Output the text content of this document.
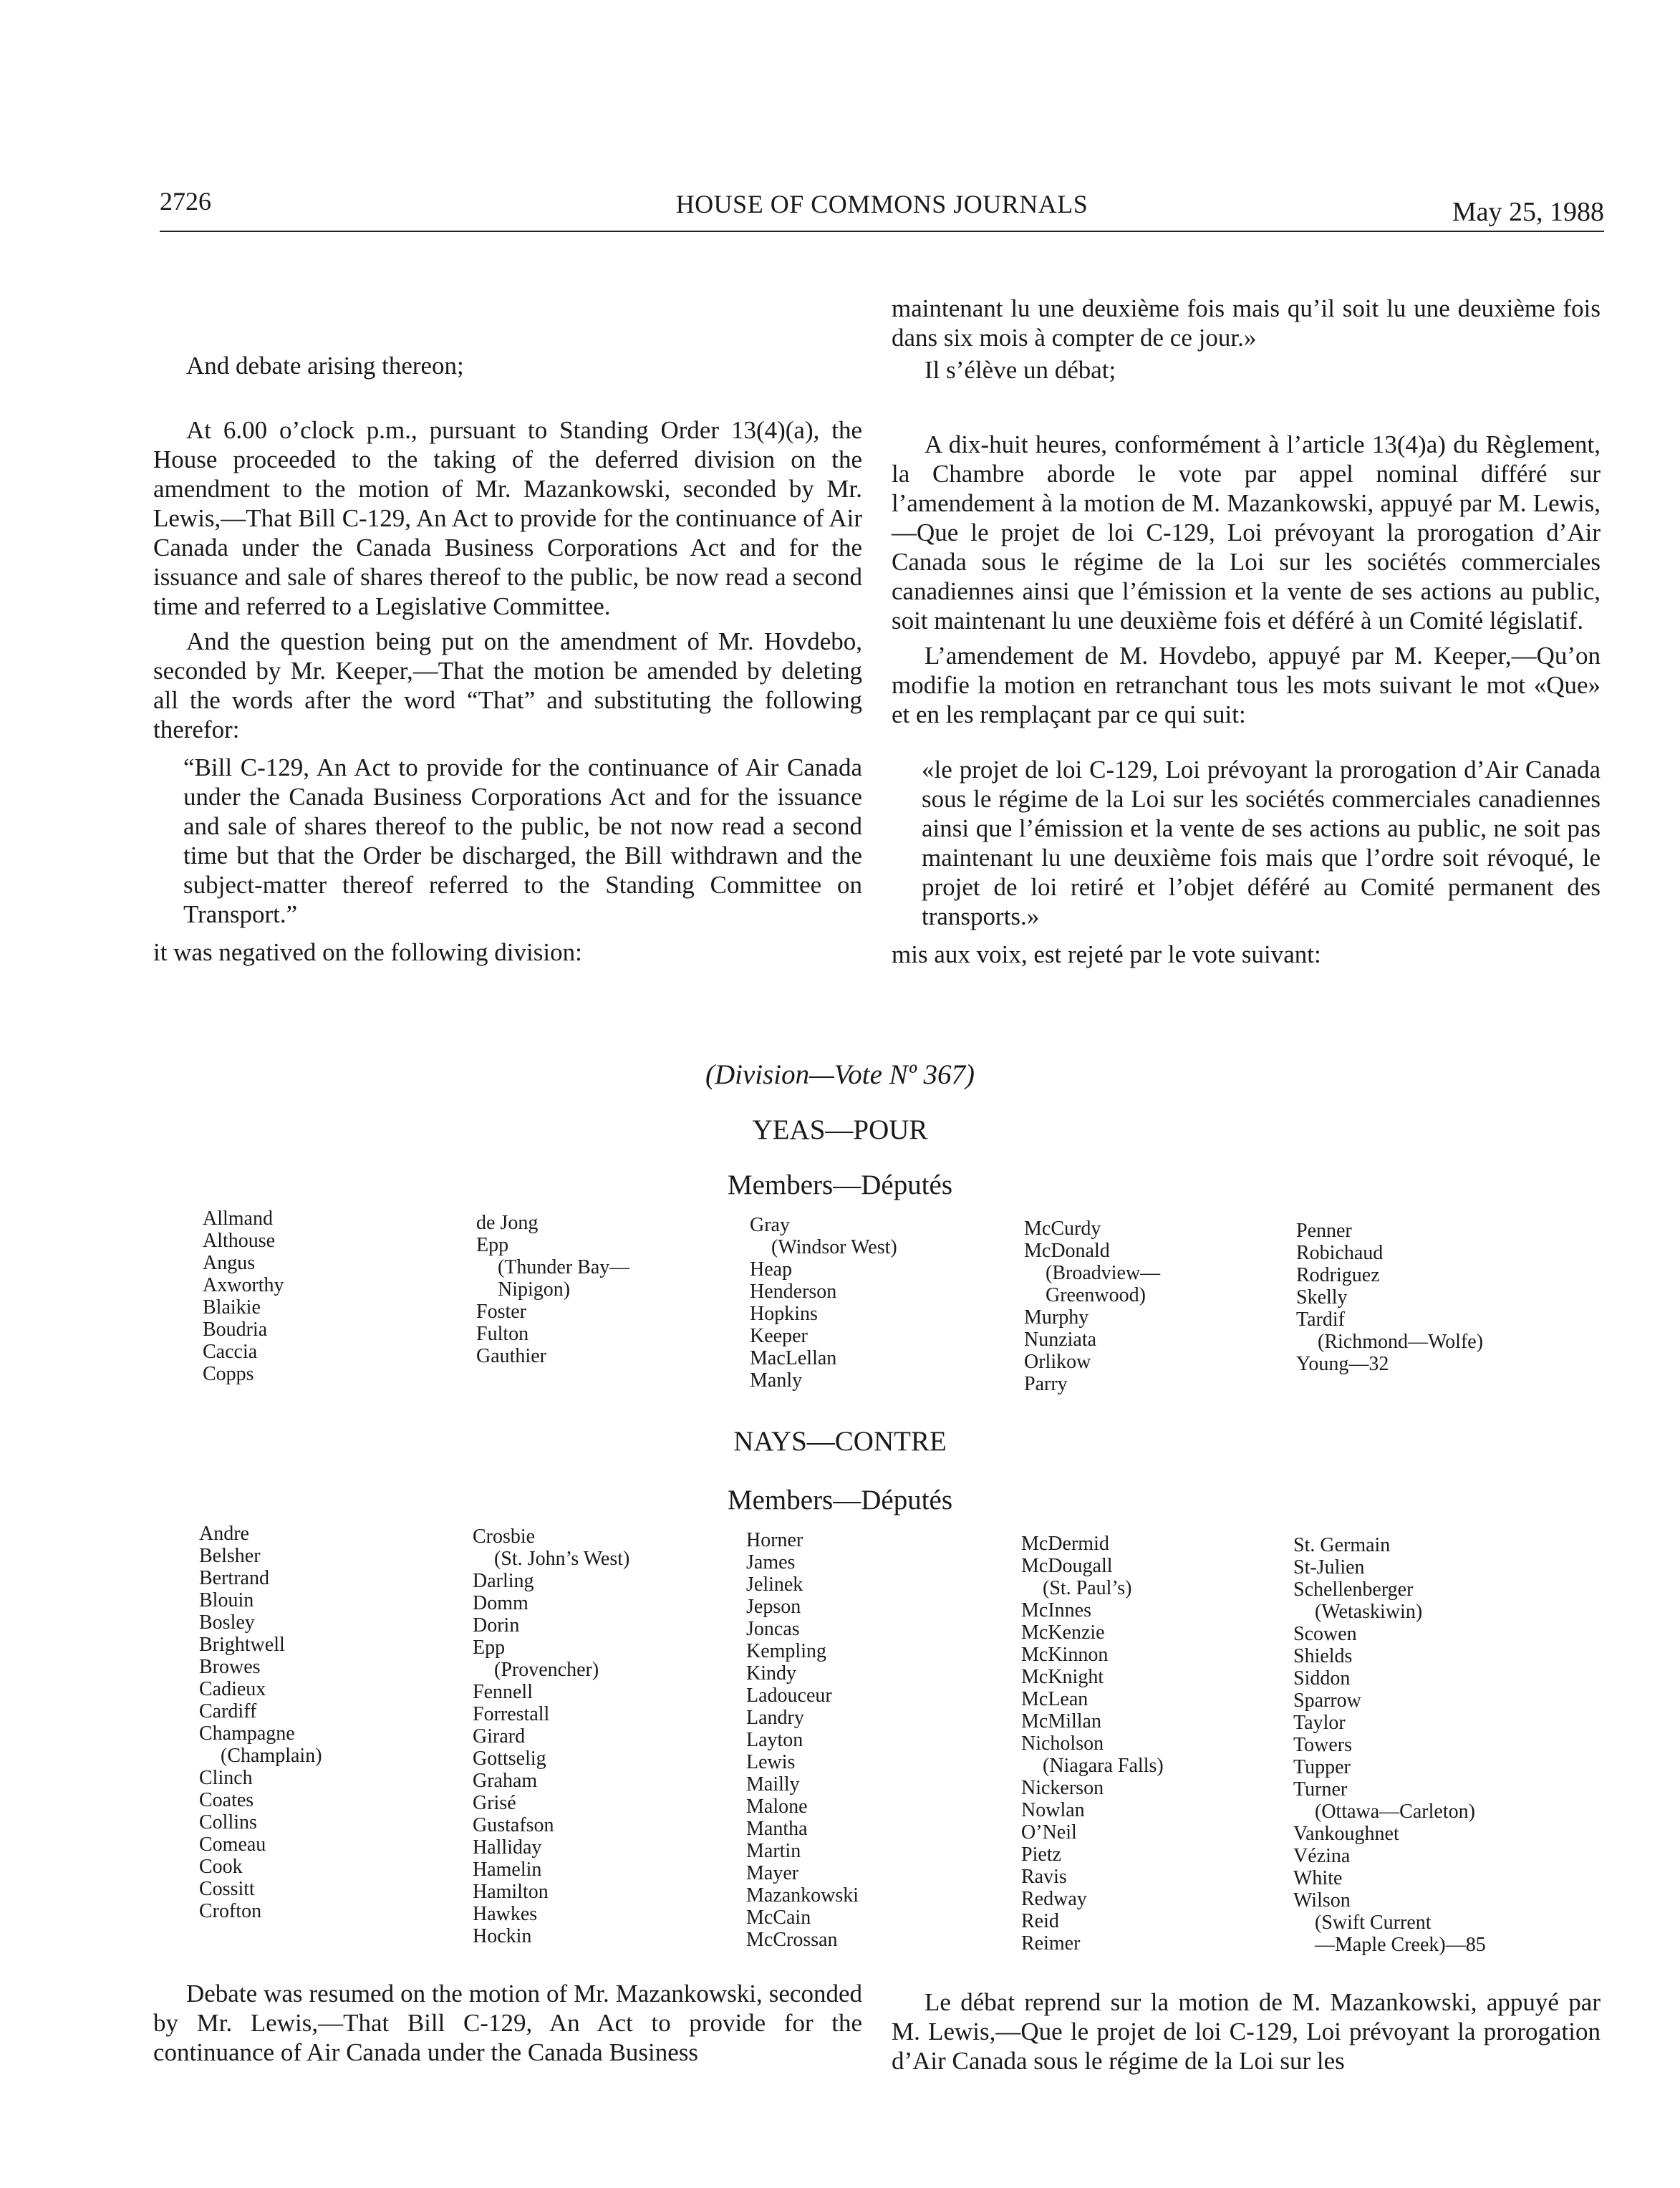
2726	HOUSE OF COMMONS JOURNALS	May 25, 1988

And debate arising thereon;

At 6.00 o’clock p.m., pursuant to Standing Order 13(4)(a), the House proceeded to the taking of the deferred division on the amendment to the motion of Mr. Mazankowski, seconded by Mr. Lewis,—That Bill C-129, An Act to provide for the continuance of Air Canada under the Canada Business Corporations Act and for the issuance and sale of shares thereof to the public, be now read a second time and referred to a Legislative Committee.

And the question being put on the amendment of Mr. Hovdebo, seconded by Mr. Keeper,—That the motion be amended by deleting all the words after the word “That” and substituting the following therefor:

“Bill C-129, An Act to provide for the continuance of Air Canada under the Canada Business Corporations Act and for the issuance and sale of shares thereof to the public, be not now read a second time but that the Order be discharged, the Bill withdrawn and the subject-matter thereof referred to the Standing Committee on Transport.”

it was negatived on the following division:

maintenant lu une deuxième fois mais qu’il soit lu une deuxième fois dans six mois à compter de ce jour.»

Il s’élève un débat;

A dix-huit heures, conformément à l’article 13(4)a) du Règlement, la Chambre aborde le vote par appel nominal différé sur l’amendement à la motion de M. Mazankowski, appuyé par M. Lewis,—Que le projet de loi C-129, Loi prévoyant la prorogation d’Air Canada sous le régime de la Loi sur les sociétés commerciales canadiennes ainsi que l’émission et la vente de ses actions au public, soit maintenant lu une deuxième fois et déféré à un Comité législatif.

L’amendement de M. Hovdebo, appuyé par M. Keeper,—Qu’on modifie la motion en retranchant tous les mots suivant le mot «Que» et en les remplaçant par ce qui suit:

«le projet de loi C-129, Loi prévoyant la prorogation d’Air Canada sous le régime de la Loi sur les sociétés commerciales canadiennes ainsi que l’émission et la vente de ses actions au public, ne soit pas maintenant lu une deuxième fois mais que l’ordre soit révoqué, le projet de loi retiré et l’objet déféré au Comité permanent des transports.»

mis aux voix, est rejeté par le vote suivant:

(Division—Vote Nº 367)
YEAS—POUR
Members—Députés
Allmand
Althouse
Angus
Axworthy
Blaikie
Boudria
Caccia
Copps
de Jong
Epp
(Thunder Bay—
Nipigon)
Foster
Fulton
Gauthier
Gray
(Windsor West)
Heap
Henderson
Hopkins
Keeper
MacLellan
Manly
McCurdy
McDonald
(Broadview—
Greenwood)
Murphy
Nunziata
Orlikow
Parry
Penner
Robichaud
Rodriguez
Skelly
Tardif
(Richmond—Wolfe)
Young—32
NAYS—CONTRE
Members—Députés
Andre
Belsher
Bertrand
Blouin
Bosley
Brightwell
Browes
Cadieux
Cardiff
Champagne
(Champlain)
Clinch
Coates
Collins
Comeau
Cook
Cossitt
Crofton
Crosbie
(St. John’s West)
Darling
Domm
Dorin
Epp
(Provencher)
Fennell
Forrestall
Girard
Gottselig
Graham
Grisé
Gustafson
Halliday
Hamelin
Hamilton
Hawkes
Hockin
Horner
James
Jelinek
Jepson
Joncas
Kempling
Kindy
Ladouceur
Landry
Layton
Lewis
Mailly
Malone
Mantha
Martin
Mayer
Mazankowski
McCain
McCrossan
McDermid
McDougall
(St. Paul’s)
McInnes
McKenzie
McKinnon
McKnight
McLean
McMillan
Nicholson
(Niagara Falls)
Nickerson
Nowlan
O’Neil
Pietz
Ravis
Redway
Reid
Reimer
St. Germain
St-Julien
Schellenberger
(Wetaskiwin)
Scowen
Shields
Siddon
Sparrow
Taylor
Towers
Tupper
Turner
(Ottawa—Carleton)
Vankoughnet
Vézina
White
Wilson
(Swift Current
—Maple Creek)—85

Debate was resumed on the motion of Mr. Mazankowski, seconded by Mr. Lewis,—That Bill C-129, An Act to provide for the continuance of Air Canada under the Canada Business

Le débat reprend sur la motion de M. Mazankowski, appuyé par M. Lewis,—Que le projet de loi C-129, Loi prévoyant la prorogation d’Air Canada sous le régime de la Loi sur les
